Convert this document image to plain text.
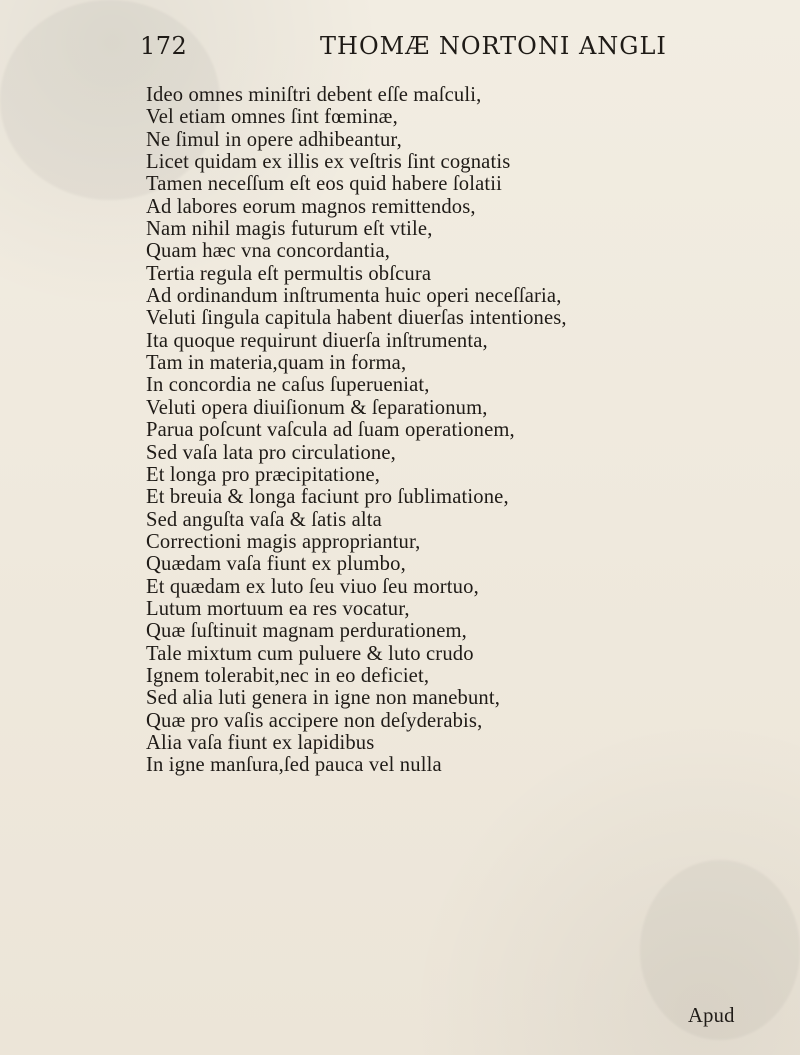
172	THOMÆ NORTONI ANGLI
Ideo omnes miniſtri debent eſſe maſculi,
Vel etiam omnes ſint fœminæ,
Ne ſimul in opere adhibeantur,
Licet quidam ex illis ex veſtris ſint cognatis
Tamen neceſſum eſt eos quid habere ſolatii
Ad labores eorum magnos remittendos,
Nam nihil magis futurum eſt vtile,
Quam hæc vna concordantia,
Tertia regula eſt permultis obſcura
Ad ordinandum inſtrumenta huic operi neceſſaria,
Veluti ſingula capitula habent diuerſas intentiones,
Ita quoque requirunt diuerſa inſtrumenta,
Tam in materia,quam in forma,
In concordia ne caſus ſuperueniat,
Veluti opera diuiſionum & ſeparationum,
Parua poſcunt vaſcula ad ſuam operationem,
Sed vaſa lata pro circulatione,
Et longa pro præcipitatione,
Et breuia & longa faciunt pro ſublimatione,
Sed anguſta vaſa & ſatis alta
Correctioni magis appropriantur,
Quædam vaſa fiunt ex plumbo,
Et quædam ex luto ſeu viuo ſeu mortuo,
Lutum mortuum ea res vocatur,
Quæ ſuſtinuit magnam perdurationem,
Tale mixtum cum puluere & luto crudo
Ignem tolerabit,nec in eo deficiet,
Sed alia luti genera in igne non manebunt,
Quæ pro vaſis accipere non deſyderabis,
Alia vaſa fiunt ex lapidibus
In igne manſura,ſed pauca vel nulla
Apud
